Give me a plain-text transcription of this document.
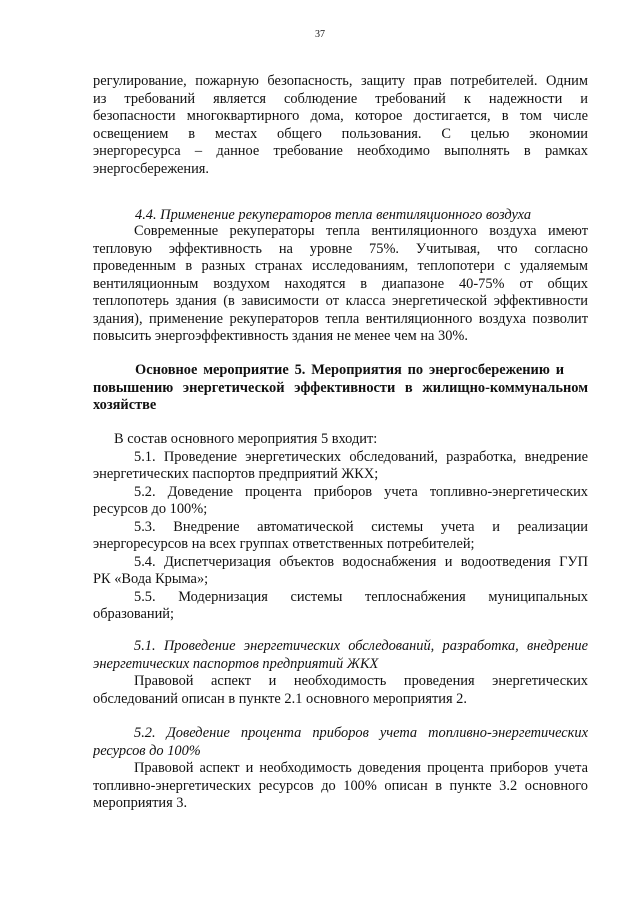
37
регулирование, пожарную безопасность, защиту прав потребителей. Одним
из требований является соблюдение требований к надежности и
безопасности многоквартирного дома, которое достигается, в том числе
освещением в местах общего пользования. С целью экономии
энергоресурса – данное требование необходимо выполнять в рамках
энергосбережения.
4.4. Применение рекуператоров тепла вентиляционного воздуха
Современные рекуператоры тепла вентиляционного воздуха имеют
тепловую эффективность на уровне 75%. Учитывая, что согласно
проведенным в разных странах исследованиям, теплопотери с удаляемым
вентиляционным воздухом находятся в диапазоне 40-75% от общих
теплопотерь здания (в зависимости от класса энергетической эффективности
здания), применение рекуператоров тепла вентиляционного воздуха позволит
повысить энергоэффективность здания не менее чем на 30%.
Основное мероприятие 5. Мероприятия по энергосбережению и
повышению энергетической эффективности в жилищно-коммунальном
хозяйстве
В состав основного мероприятия 5 входит:
5.1. Проведение энергетических обследований, разработка, внедрение
энергетических паспортов предприятий ЖКХ;
5.2. Доведение процента приборов учета топливно-энергетических
ресурсов до 100%;
5.3. Внедрение автоматической системы учета и реализации
энергоресурсов на всех группах ответственных потребителей;
5.4. Диспетчеризация объектов водоснабжения и водоотведения ГУП
РК «Вода Крыма»;
5.5. Модернизация системы теплоснабжения муниципальных
образований;
5.1. Проведение энергетических обследований, разработка, внедрение
энергетических паспортов предприятий ЖКХ
Правовой аспект и необходимость проведения энергетических
обследований описан в пункте 2.1 основного мероприятия 2.
5.2. Доведение процента приборов учета топливно-энергетических
ресурсов до 100%
Правовой аспект и необходимость доведения процента приборов учета
топливно-энергетических ресурсов до 100% описан в пункте 3.2 основного
мероприятия 3.
